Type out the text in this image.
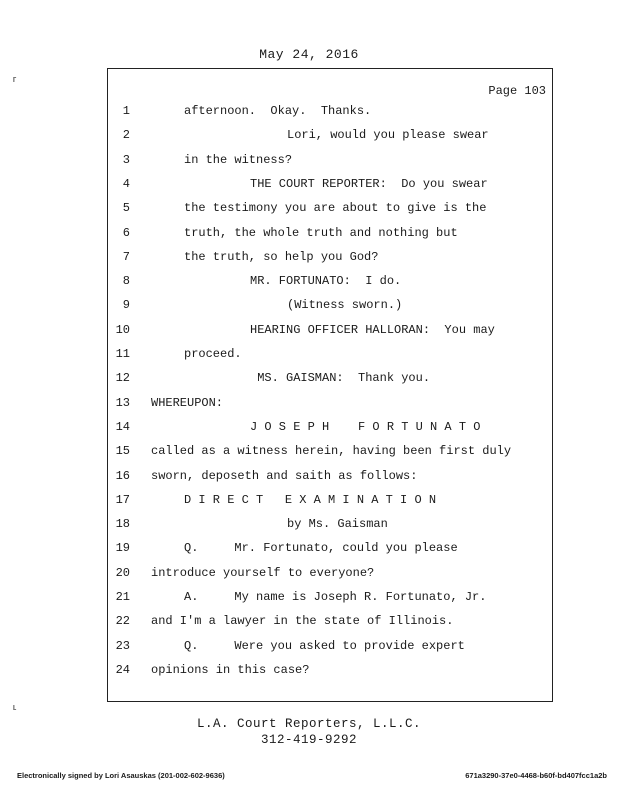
May 24, 2016
Page 103
1	afternoon.  Okay.  Thanks.
2	Lori, would you please swear
3	in the witness?
4	THE COURT REPORTER:  Do you swear
5	the testimony you are about to give is the
6	truth, the whole truth and nothing but
7	the truth, so help you God?
8	MR. FORTUNATO:  I do.
9	(Witness sworn.)
10	HEARING OFFICER HALLORAN:  You may
11	proceed.
12	MS. GAISMAN:  Thank you.
13 WHEREUPON:
14	J O S E P H    F O R T U N A T O
15 called as a witness herein, having been first duly
16 sworn, deposeth and saith as follows:
17	D I R E C T   E X A M I N A T I O N
18	by Ms. Gaisman
19	Q.     Mr. Fortunato, could you please
20 introduce yourself to everyone?
21	A.     My name is Joseph R. Fortunato, Jr.
22 and I'm a lawyer in the state of Illinois.
23	Q.     Were you asked to provide expert
24 opinions in this case?
L.A. Court Reporters, L.L.C.
312-419-9292
Electronically signed by Lori Asauskas (201-002-602-9636)	671a3290-37e0-4468-b60f-bd407fcc1a2b
⸢
⸤
